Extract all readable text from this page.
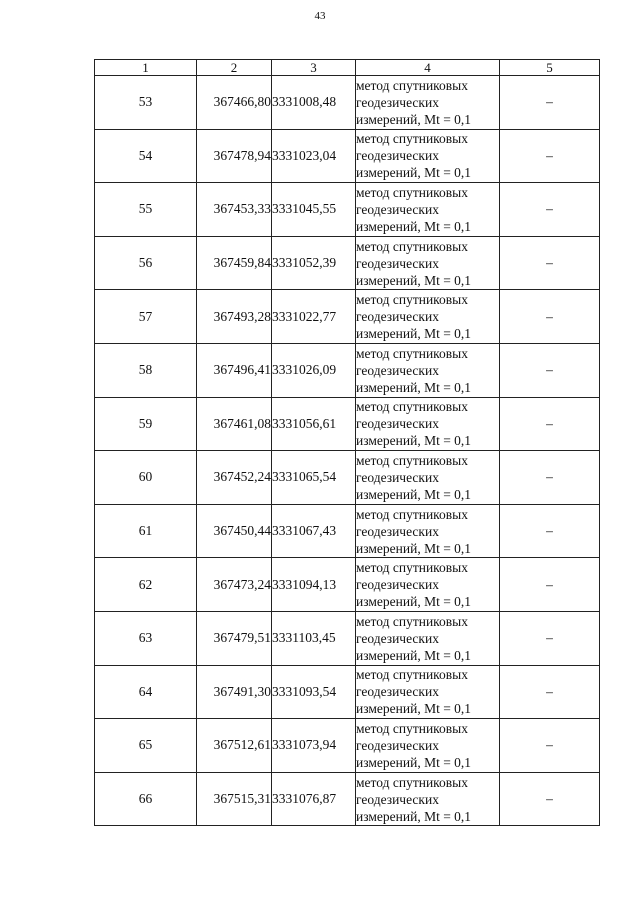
43
1	2	3	4	5
53	367466,80	3331008,48	метод спутниковых
геодезических
измерений, Mt = 0,1	–
54	367478,94	3331023,04	метод спутниковых
геодезических
измерений, Mt = 0,1	–
55	367453,33	3331045,55	метод спутниковых
геодезических
измерений, Mt = 0,1	–
56	367459,84	3331052,39	метод спутниковых
геодезических
измерений, Mt = 0,1	–
57	367493,28	3331022,77	метод спутниковых
геодезических
измерений, Mt = 0,1	–
58	367496,41	3331026,09	метод спутниковых
геодезических
измерений, Mt = 0,1	–
59	367461,08	3331056,61	метод спутниковых
геодезических
измерений, Mt = 0,1	–
60	367452,24	3331065,54	метод спутниковых
геодезических
измерений, Mt = 0,1	–
61	367450,44	3331067,43	метод спутниковых
геодезических
измерений, Mt = 0,1	–
62	367473,24	3331094,13	метод спутниковых
геодезических
измерений, Mt = 0,1	–
63	367479,51	3331103,45	метод спутниковых
геодезических
измерений, Mt = 0,1	–
64	367491,30	3331093,54	метод спутниковых
геодезических
измерений, Mt = 0,1	–
65	367512,61	3331073,94	метод спутниковых
геодезических
измерений, Mt = 0,1	–
66	367515,31	3331076,87	метод спутниковых
геодезических
измерений, Mt = 0,1	–
